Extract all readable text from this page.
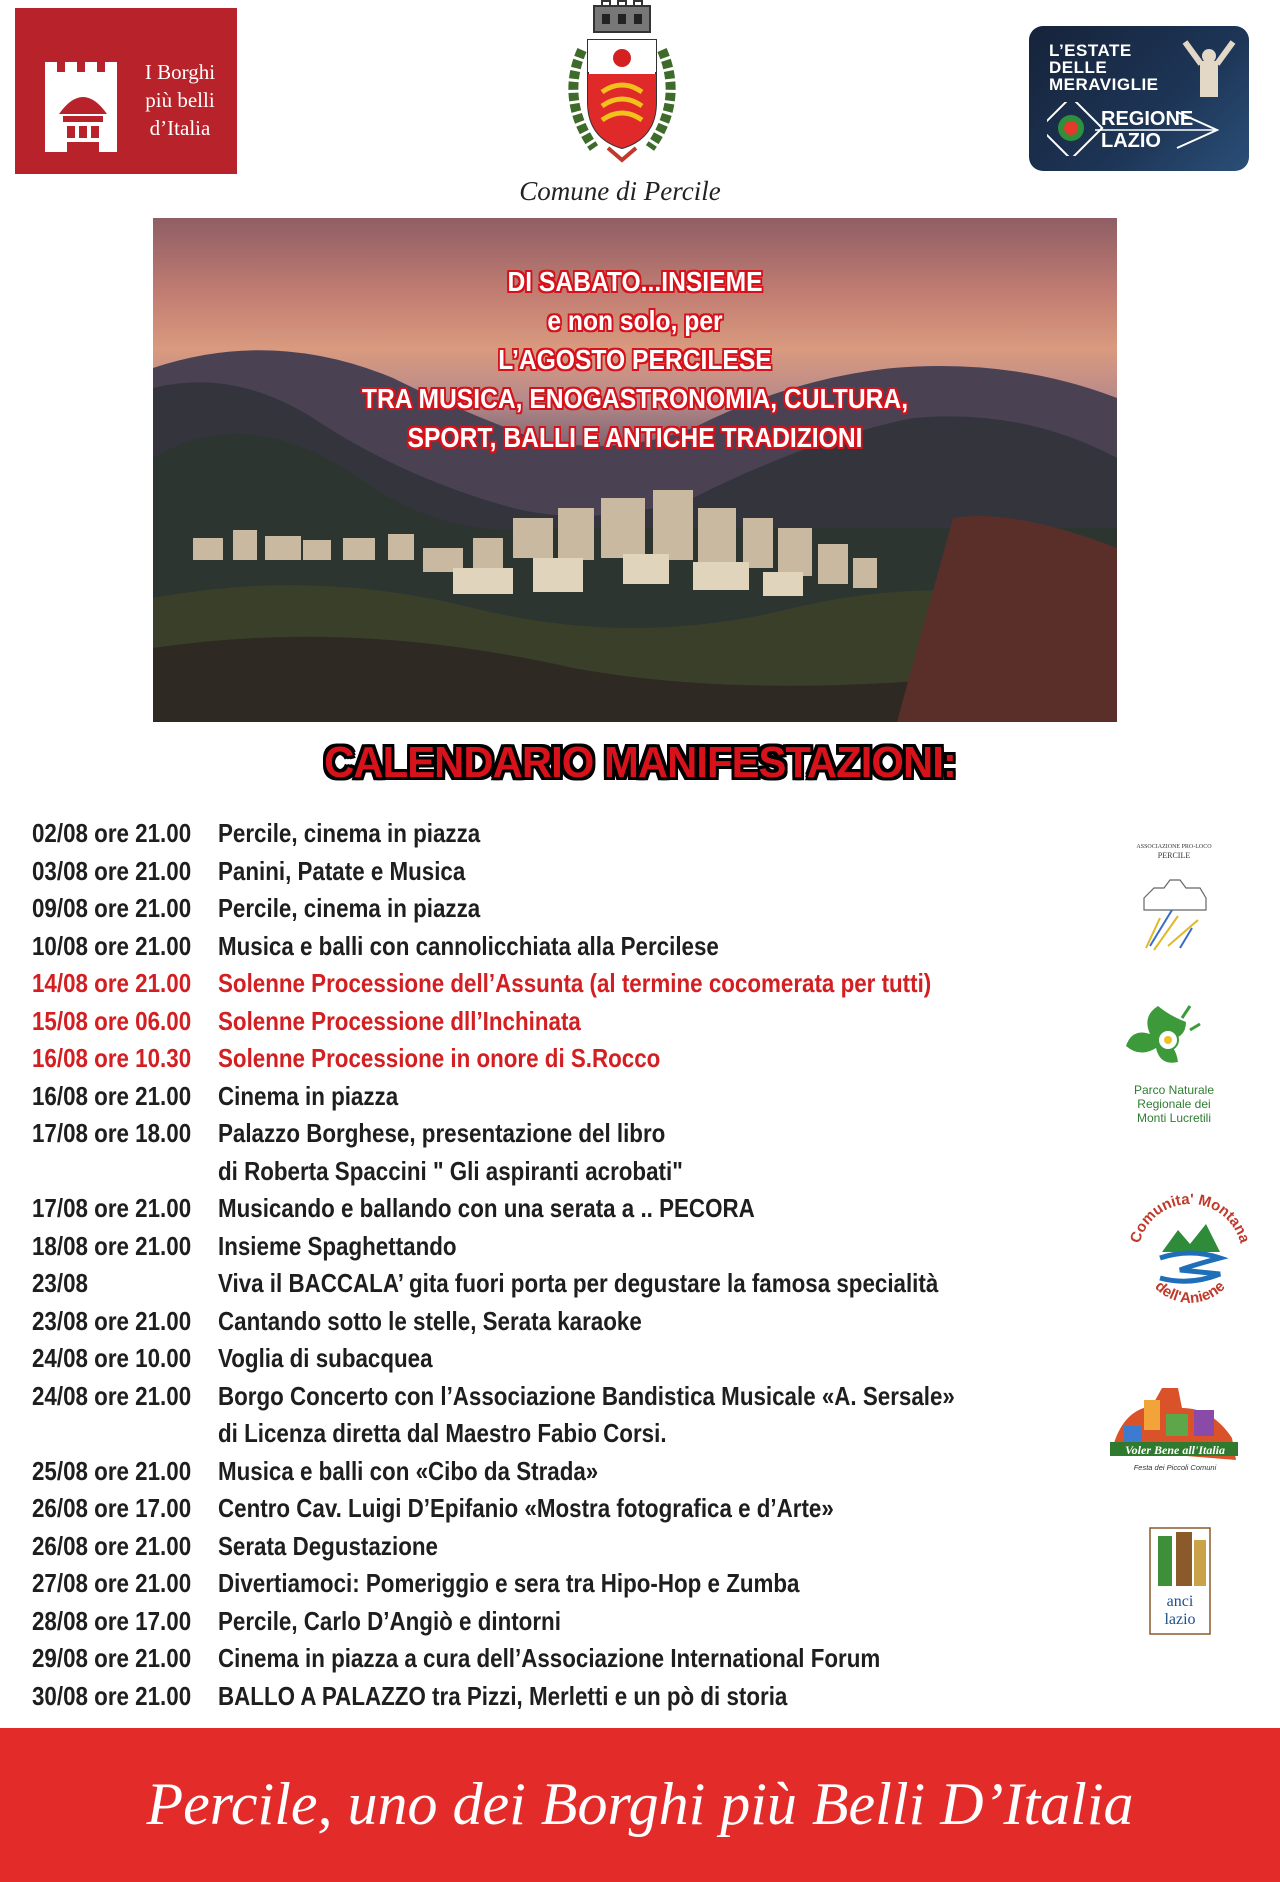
I Borghi
più belli
d’Italia
Comune di Percile
L’ESTATE
DELLE
MERAVIGLIE
REGIONE
LAZIO
DI SABATO...INSIEME
e non solo, per
L’AGOSTO PERCILESE
TRA MUSICA, ENOGASTRONOMIA, CULTURA,
SPORT, BALLI E ANTICHE TRADIZIONI
CALENDARIO MANIFESTAZIONI:
02/08 ore 21.00 Percile, cinema in piazza
03/08 ore 21.00 Panini, Patate e Musica
09/08 ore 21.00 Percile, cinema in piazza
10/08 ore 21.00 Musica e balli con cannolicchiata alla Percilese
14/08 ore 21.00 Solenne Processione dell’Assunta (al termine cocomerata per tutti)
15/08 ore 06.00 Solenne Processione dll’Inchinata
16/08 ore 10.30 Solenne Processione in onore di S.Rocco
16/08 ore 21.00 Cinema in piazza
17/08 ore 18.00 Palazzo Borghese, presentazione del libro
di Roberta Spaccini " Gli aspiranti acrobati"
17/08 ore 21.00 Musicando e ballando con una serata a .. PECORA
18/08 ore 21.00 Insieme Spaghettando
23/08	Viva il BACCALA’ gita fuori porta per degustare la famosa specialità
23/08 ore 21.00 Cantando sotto le stelle, Serata karaoke
24/08 ore 10.00 Voglia di subacquea
24/08 ore 21.00 Borgo Concerto con l’Associazione Bandistica Musicale «A. Sersale»
di Licenza diretta dal Maestro Fabio Corsi.
25/08 ore 21.00 Musica e balli con «Cibo da Strada»
26/08 ore 17.00 Centro Cav. Luigi D’Epifanio «Mostra fotografica e d’Arte»
26/08 ore 21.00 Serata Degustazione
27/08 ore 21.00 Divertiamoci: Pomeriggio e sera tra Hipo-Hop e Zumba
28/08 ore 17.00 Percile, Carlo D’Angiò e dintorni
29/08 ore 21.00 Cinema in piazza a cura dell’Associazione International Forum
30/08 ore 21.00 BALLO A PALAZZO tra Pizzi, Merletti e un pò di storia
ASSOCIAZIONE PRO-LOCO
PERCILE
Parco Naturale
Regionale dei
Monti Lucretili
Comunita' Montana
dell'Aniene
Voler Bene all'Italia
Festa dei Piccoli Comuni
anci
lazio
Percile, uno dei Borghi più Belli D’Italia
